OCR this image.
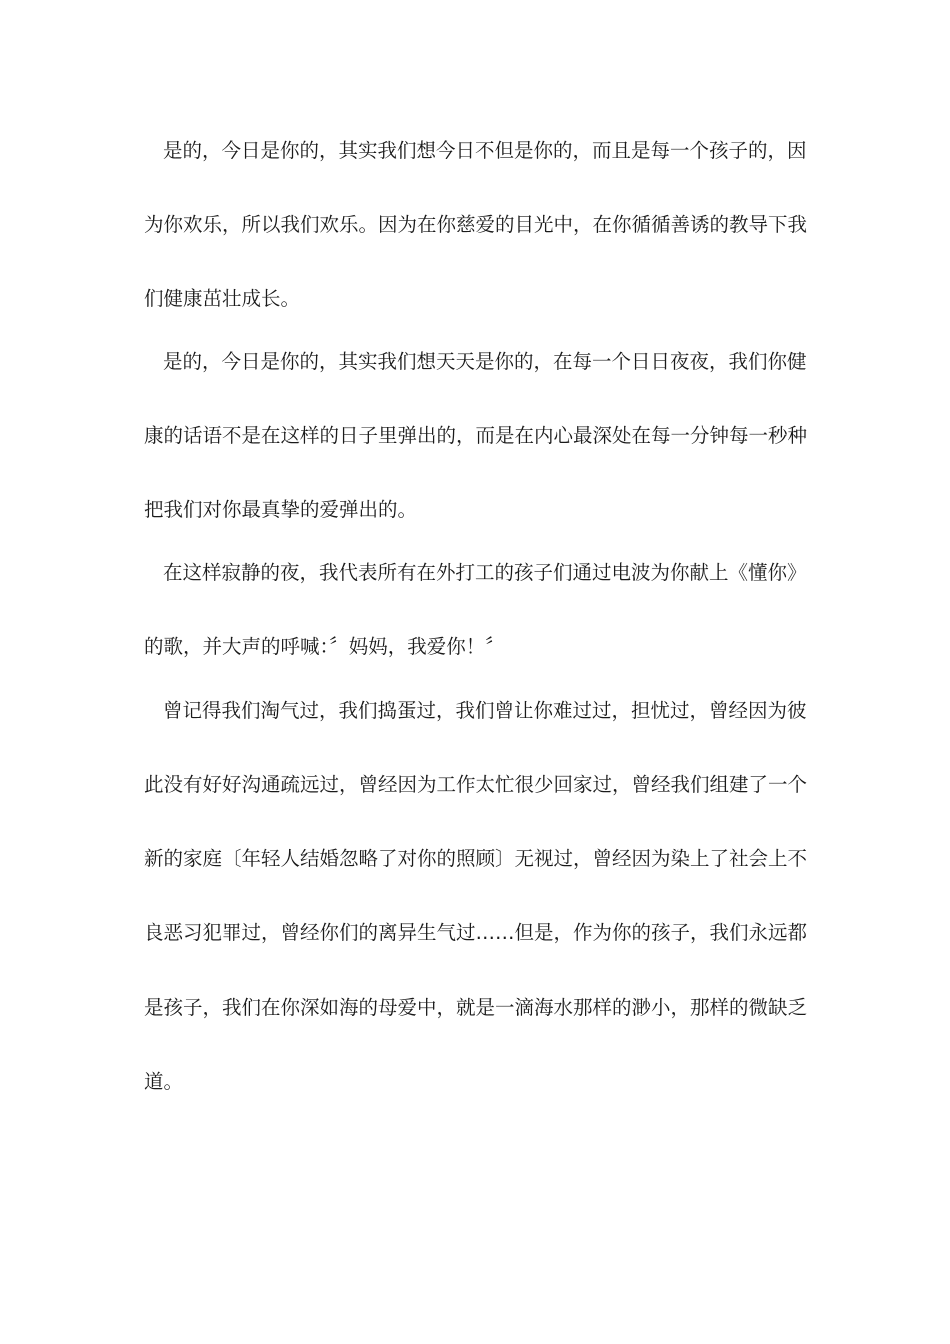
是的，今日是你的，其实我们想今日不但是你的，而且是每一个孩子的，因
为你欢乐，所以我们欢乐。因为在你慈爱的目光中，在你循循善诱的教导下我
们健康茁壮成长。
是的，今日是你的，其实我们想天天是你的，在每一个日日夜夜，我们你健
康的话语不是在这样的日子里弹出的，而是在内心最深处在每一分钟每一秒种
把我们对你最真挚的爱弹出的。
在这样寂静的夜，我代表所有在外打工的孩子们通过电波为你献上《懂你》
的歌，并大声的呼喊：〞妈妈，我爱你！〞
曾记得我们淘气过，我们捣蛋过，我们曾让你难过过，担忧过，曾经因为彼
此没有好好沟通疏远过，曾经因为工作太忙很少回家过，曾经我们组建了一个
新的家庭〔年轻人结婚忽略了对你的照顾〕无视过，曾经因为染上了社会上不
良恶习犯罪过，曾经你们的离异生气过……但是，作为你的孩子，我们永远都
是孩子，我们在你深如海的母爱中，就是一滴海水那样的渺小，那样的微缺乏
道。
